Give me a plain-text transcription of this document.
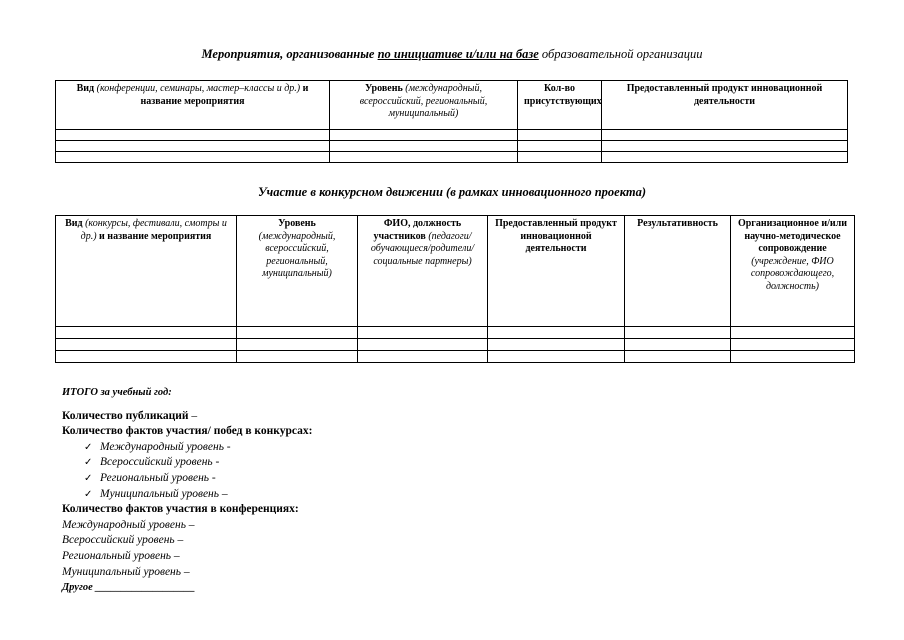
Мероприятия, организованные по инициативе и/или на базе образовательной организации
Вид (конференции, семинары, мастер–классы и др.) и
название мероприятия	Уровень (международный, всероссийский, региональный, муниципальный)	Кол-во присутствующих	Предоставленный продукт инновационной деятельности

Участие в конкурсном движении (в рамках инновационного проекта)
Вид (конкурсы, фестивали, смотры и др.) и название мероприятия	Уровень (международный, всероссийский, региональный, муниципальный)	ФИО, должность участников (педагоги/обучающиеся/родители/социальные партнеры)	Предоставленный продукт инновационной деятельности	Результативность	Организационное и/или научно-методическое сопровождение (учреждение, ФИО сопровождающего, должность)

ИТОГО за учебный год:
Количество публикаций –
Количество фактов участия/ побед в конкурсах:
✓ Международный уровень -
✓ Всероссийский уровень -
✓ Региональный уровень -
✓ Муниципальный уровень –
Количество фактов участия в конференциях:
Международный уровень –
Всероссийский уровень –
Региональный уровень –
Муниципальный уровень –
Другое ___________________
